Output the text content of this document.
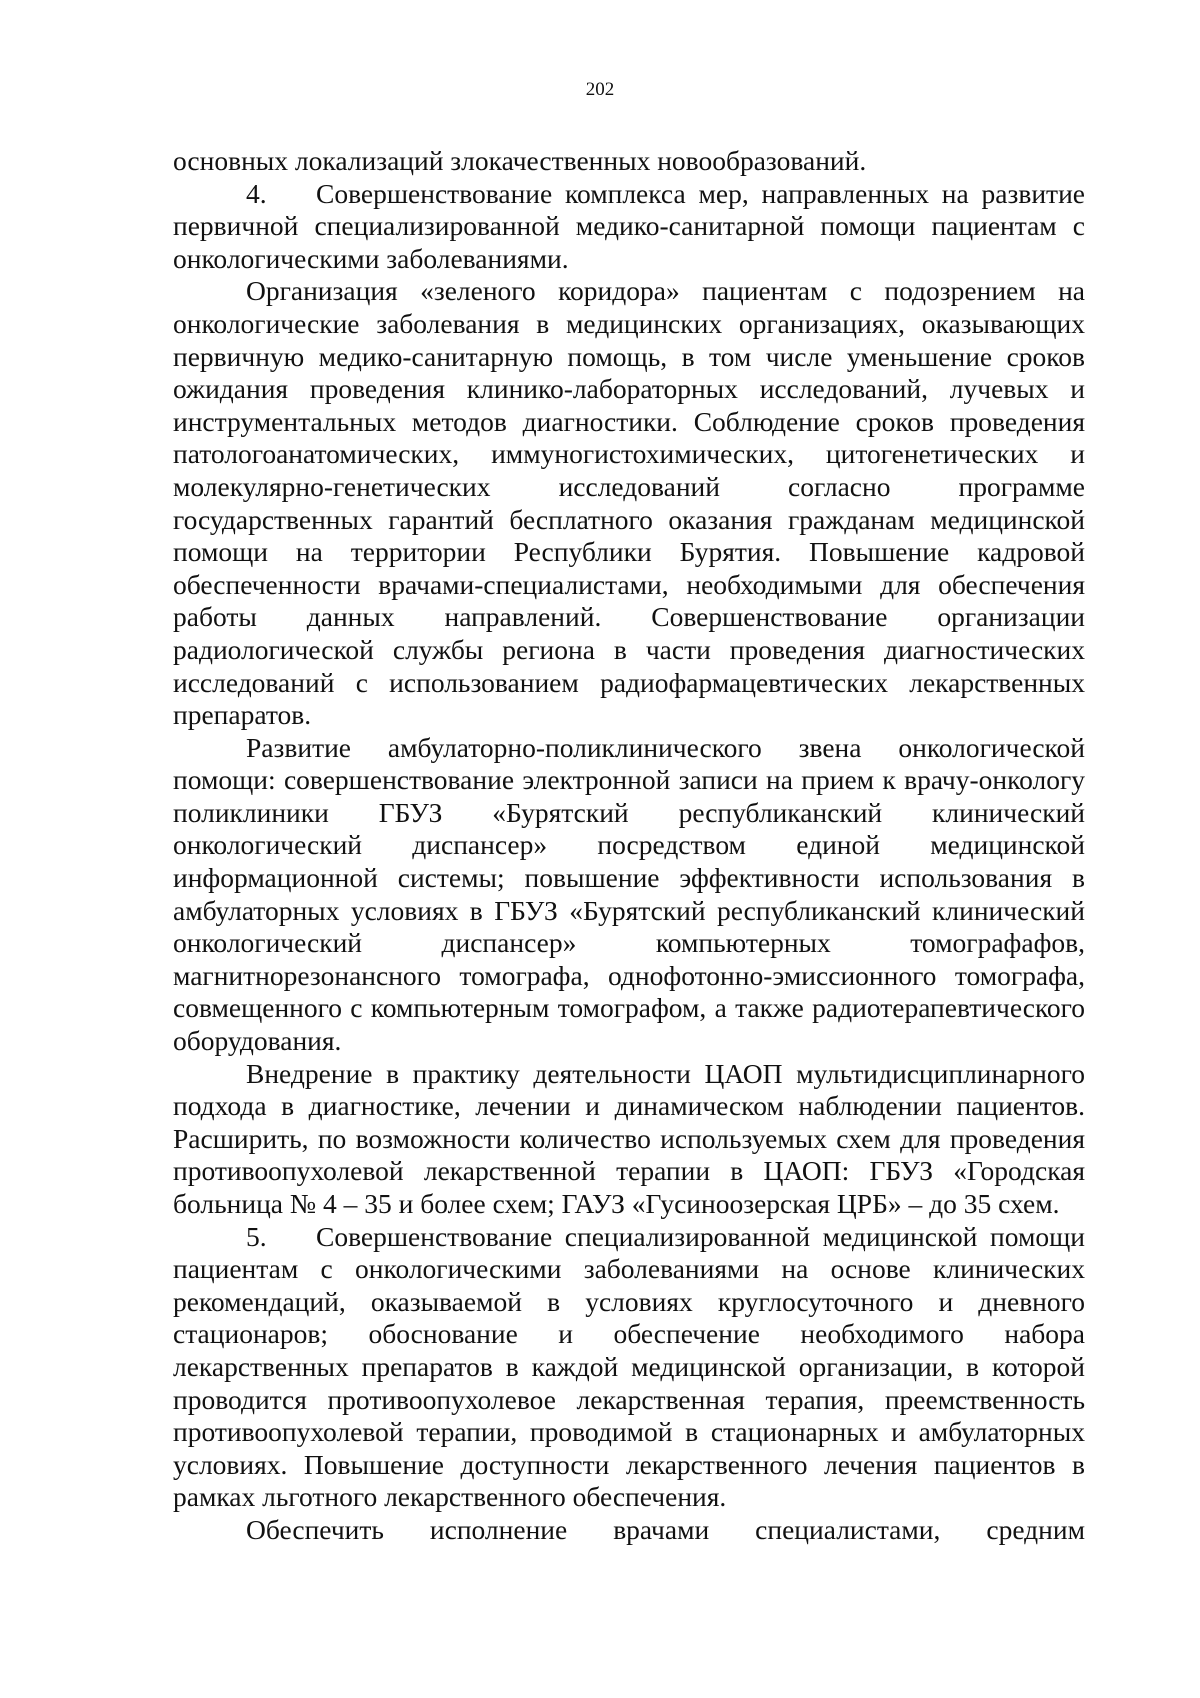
202

основных локализаций злокачественных новообразований.

4. Совершенствование комплекса мер, направленных на развитие первичной специализированной медико-санитарной помощи пациентам с онкологическими заболеваниями.

Организация «зеленого коридора» пациентам с подозрением на онкологические заболевания в медицинских организациях, оказывающих первичную медико-санитарную помощь, в том числе уменьшение сроков ожидания проведения клинико-лабораторных исследований, лучевых и инструментальных методов диагностики. Соблюдение сроков проведения патологоанатомических, иммуногистохимических, цитогенетических и молекулярно-генетических исследований согласно программе государственных гарантий бесплатного оказания гражданам медицинской помощи на территории Республики Бурятия. Повышение кадровой обеспеченности врачами-специалистами, необходимыми для обеспечения работы данных направлений. Совершенствование организации радиологической службы региона в части проведения диагностических исследований с использованием радиофармацевтических лекарственных препаратов.

Развитие амбулаторно-поликлинического звена онкологической помощи: совершенствование электронной записи на прием к врачу-онкологу поликлиники ГБУЗ «Бурятский республиканский клинический онкологический диспансер» посредством единой медицинской информационной системы; повышение эффективности использования в амбулаторных условиях в ГБУЗ «Бурятский республиканский клинический онкологический диспансер» компьютерных томографафов, магнитнорезонансного томографа, однофотонно-эмиссионного томографа, совмещенного с компьютерным томографом, а также радиотерапевтического оборудования.

Внедрение в практику деятельности ЦАОП мультидисциплинарного подхода в диагностике, лечении и динамическом наблюдении пациентов. Расширить, по возможности количество используемых схем для проведения противоопухолевой лекарственной терапии в ЦАОП: ГБУЗ «Городская больница № 4 – 35 и более схем; ГАУЗ «Гусиноозерская ЦРБ» – до 35 схем.

5. Совершенствование специализированной медицинской помощи пациентам с онкологическими заболеваниями на основе клинических рекомендаций, оказываемой в условиях круглосуточного и дневного стационаров; обоснование и обеспечение необходимого набора лекарственных препаратов в каждой медицинской организации, в которой проводится противоопухолевое лекарственная терапия, преемственность противоопухолевой терапии, проводимой в стационарных и амбулаторных условиях. Повышение доступности лекарственного лечения пациентов в рамках льготного лекарственного обеспечения.

Обеспечить исполнение врачами специалистами, средним
